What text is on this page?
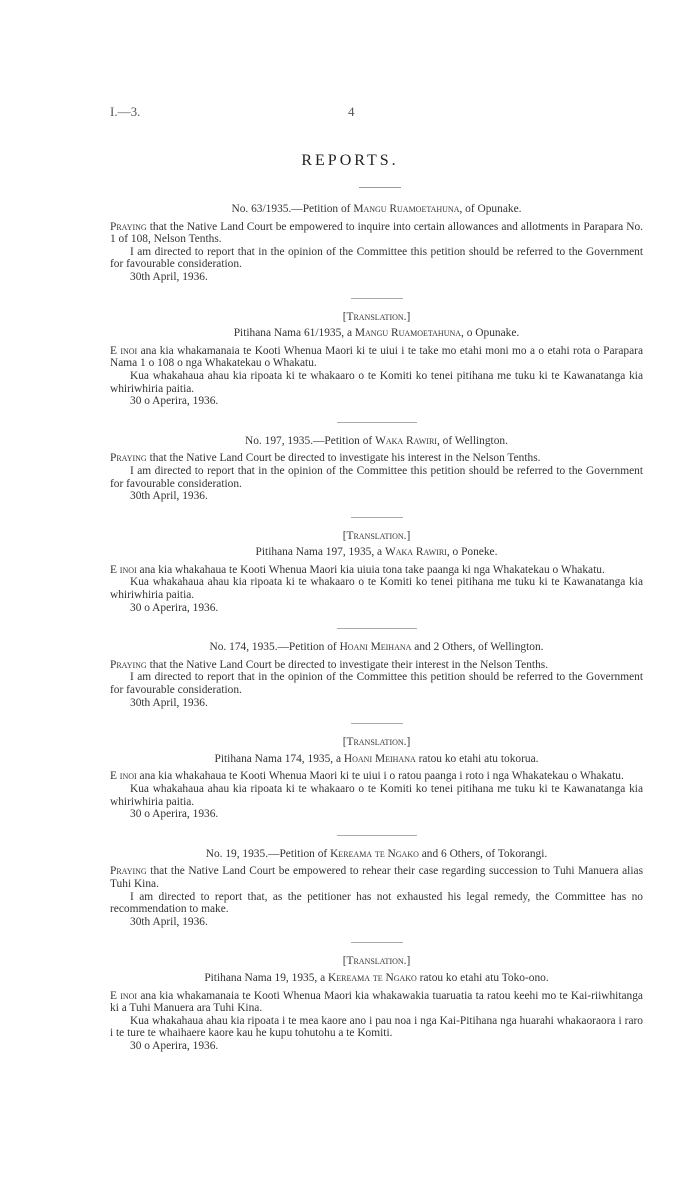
I.—3.	4
REPORTS.
No. 63/1935.—Petition of Mangu Ruamoetahuna, of Opunake.

Praying that the Native Land Court be empowered to inquire into certain allowances and allotments in Parapara No. 1 of 108, Nelson Tenths.

I am directed to report that in the opinion of the Committee this petition should be referred to the Government for favourable consideration.

30th April, 1936.

[Translation.]
Pitihana Nama 61/1935, a Mangu Ruamoetahuna, o Opunake.

E inoi ana kia whakamanaia te Kooti Whenua Maori ki te uiui i te take mo etahi moni mo a o etahi rota o Parapara Nama 1 o 108 o nga Whakatekau o Whakatu.

Kua whakahaua ahau kia ripoata ki te whakaaro o te Komiti ko tenei pitihana me tuku ki te Kawanatanga kia whiriwhiria paitia.

30 o Aperira, 1936.

No. 197, 1935.—Petition of Waka Rawiri, of Wellington.

Praying that the Native Land Court be directed to investigate his interest in the Nelson Tenths.

I am directed to report that in the opinion of the Committee this petition should be referred to the Government for favourable consideration.

30th April, 1936.

[Translation.]
Pitihana Nama 197, 1935, a Waka Rawiri, o Poneke.

E inoi ana kia whakahaua te Kooti Whenua Maori kia uiuia tona take paanga ki nga Whakatekau o Whakatu.

Kua whakahaua ahau kia ripoata ki te whakaaro o te Komiti ko tenei pitihana me tuku ki te Kawanatanga kia whiriwhiria paitia.

30 o Aperira, 1936.

No. 174, 1935.—Petition of Hoani Meihana and 2 Others, of Wellington.

Praying that the Native Land Court be directed to investigate their interest in the Nelson Tenths.

I am directed to report that in the opinion of the Committee this petition should be referred to the Government for favourable consideration.

30th April, 1936.

[Translation.]
Pitihana Nama 174, 1935, a Hoani Meihana ratou ko etahi atu tokorua.

E inoi ana kia whakahaua te Kooti Whenua Maori ki te uiui i o ratou paanga i roto i nga Whakatekau o Whakatu.

Kua whakahaua ahau kia ripoata ki te whakaaro o te Komiti ko tenei pitihana me tuku ki te Kawanatanga kia whiriwhiria paitia.

30 o Aperira, 1936.

No. 19, 1935.—Petition of Kereama te Ngako and 6 Others, of Tokorangi.

Praying that the Native Land Court be empowered to rehear their case regarding succession to Tuhi Manuera alias Tuhi Kina.

I am directed to report that, as the petitioner has not exhausted his legal remedy, the Committee has no recommendation to make.

30th April, 1936.

[Translation.]
Pitihana Nama 19, 1935, a Kereama te Ngako ratou ko etahi atu Toko-ono.

E inoi ana kia whakamanaia te Kooti Whenua Maori kia whakawakia tuaruatia ta ratou keehi mo te Kai-riiwhitanga ki a Tuhi Manuera ara Tuhi Kina.

Kua whakahaua ahau kia ripoata i te mea kaore ano i pau noa i nga Kai-Pitihana nga huarahi whakaoraora i raro i te ture te whaihaere kaore kau he kupu tohutohu a te Komiti.

30 o Aperira, 1936.
